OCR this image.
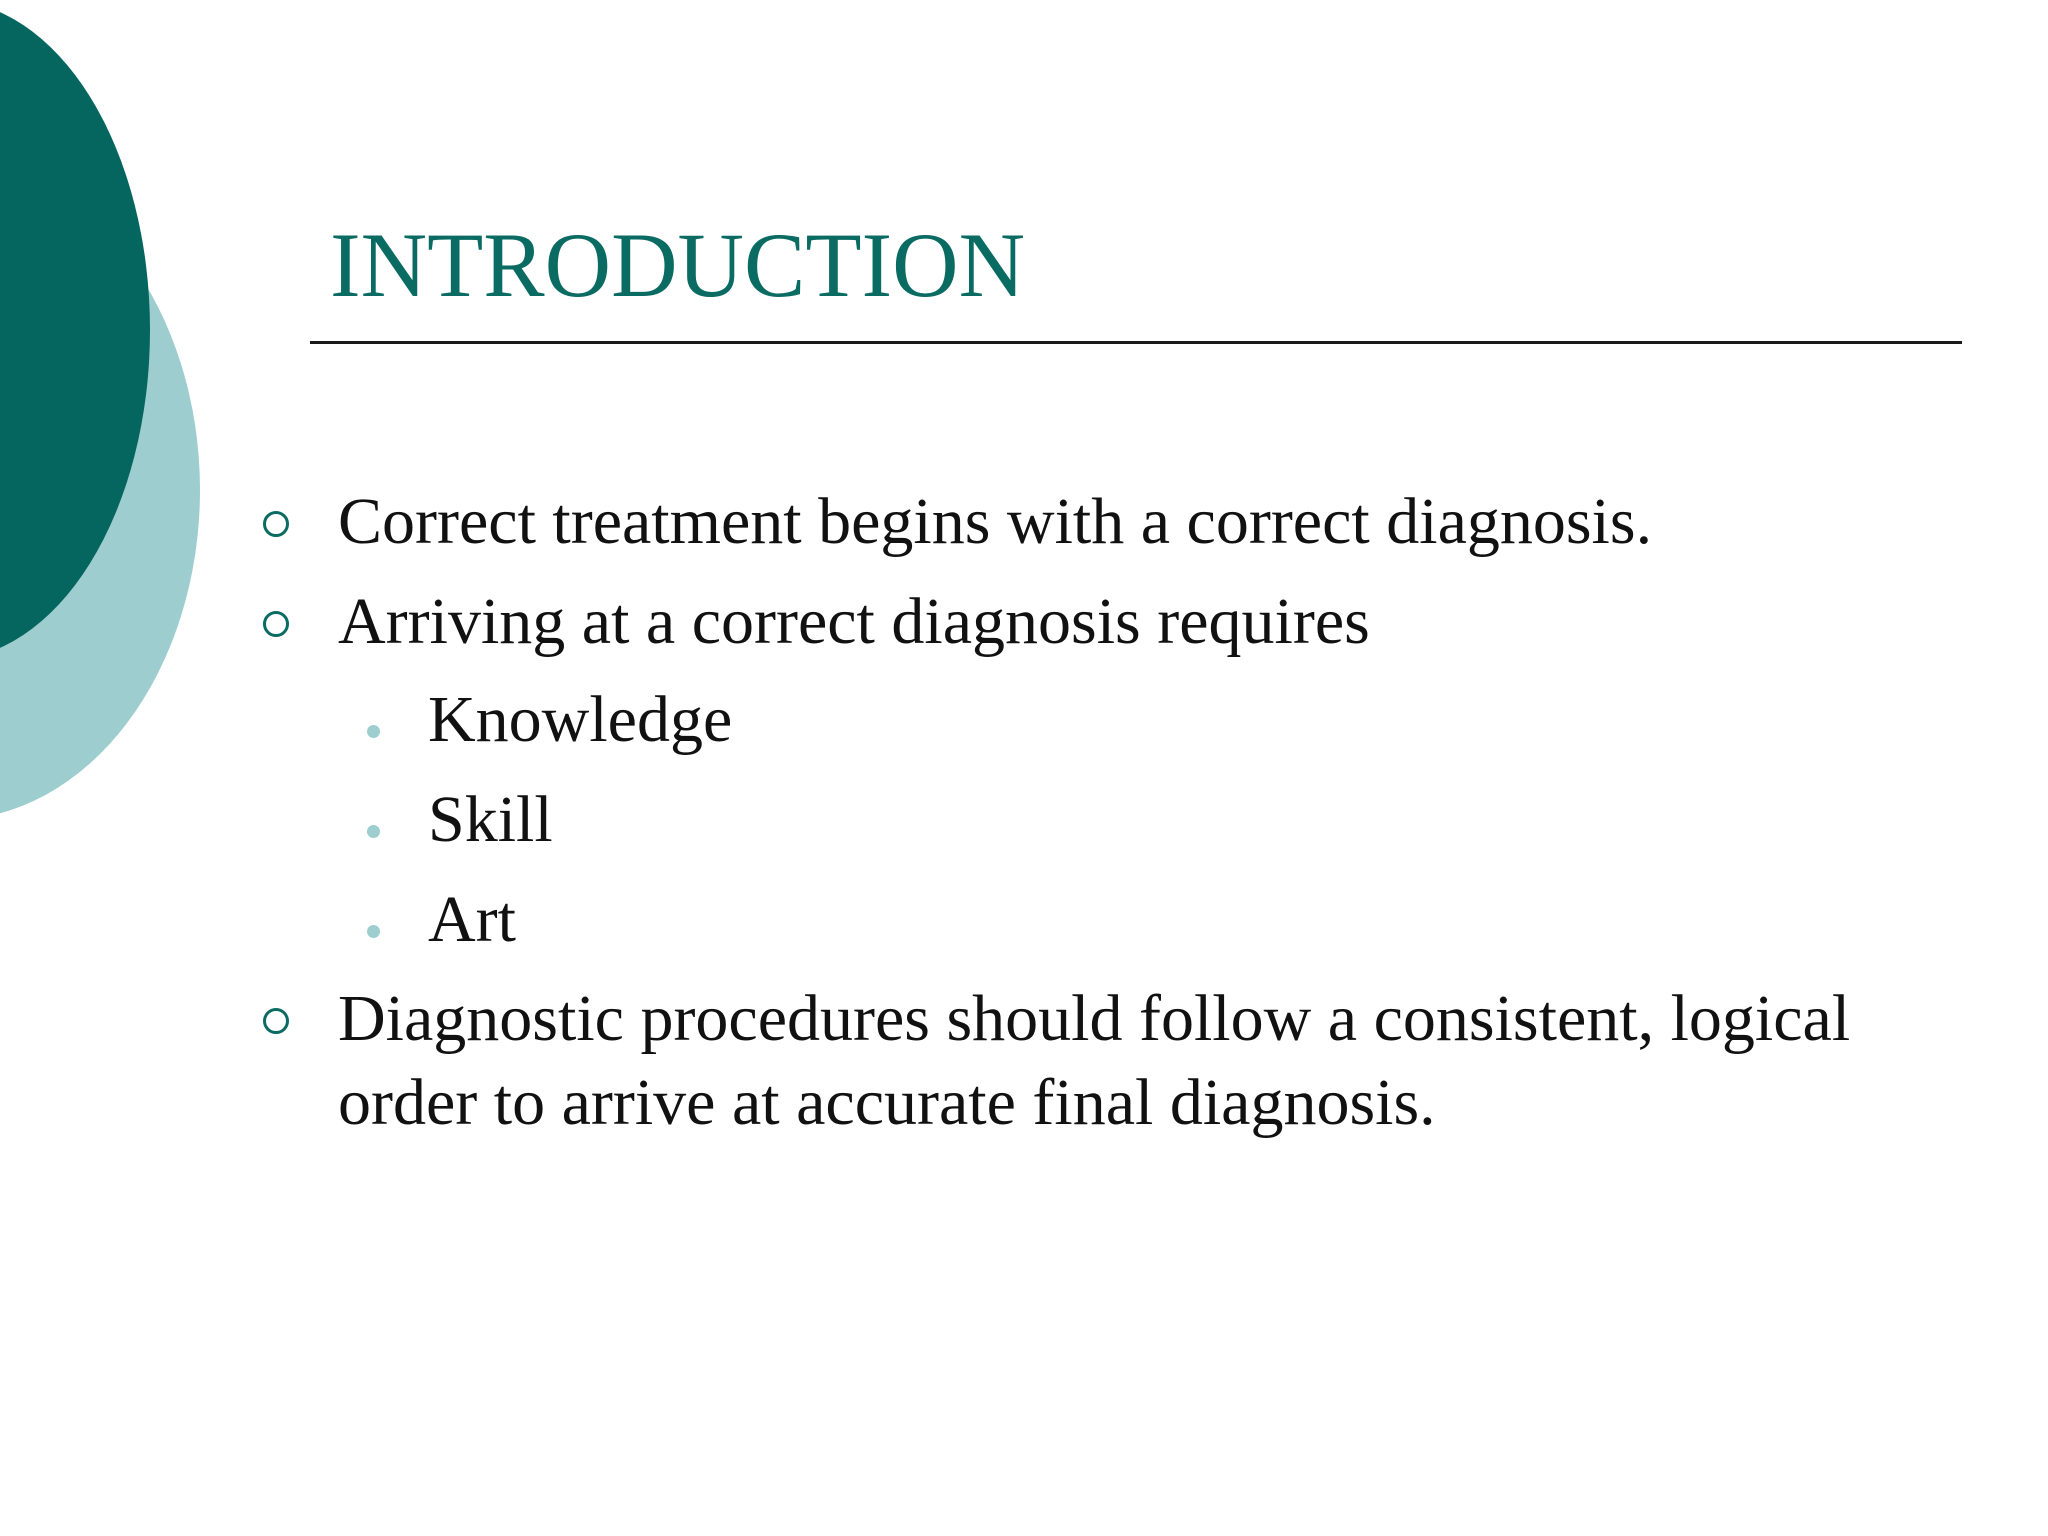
INTRODUCTION
Correct treatment begins with a correct diagnosis.
Arriving at a correct diagnosis requires
Knowledge
Skill
Art
Diagnostic procedures should follow a consistent, logical
order to arrive at accurate final diagnosis.
